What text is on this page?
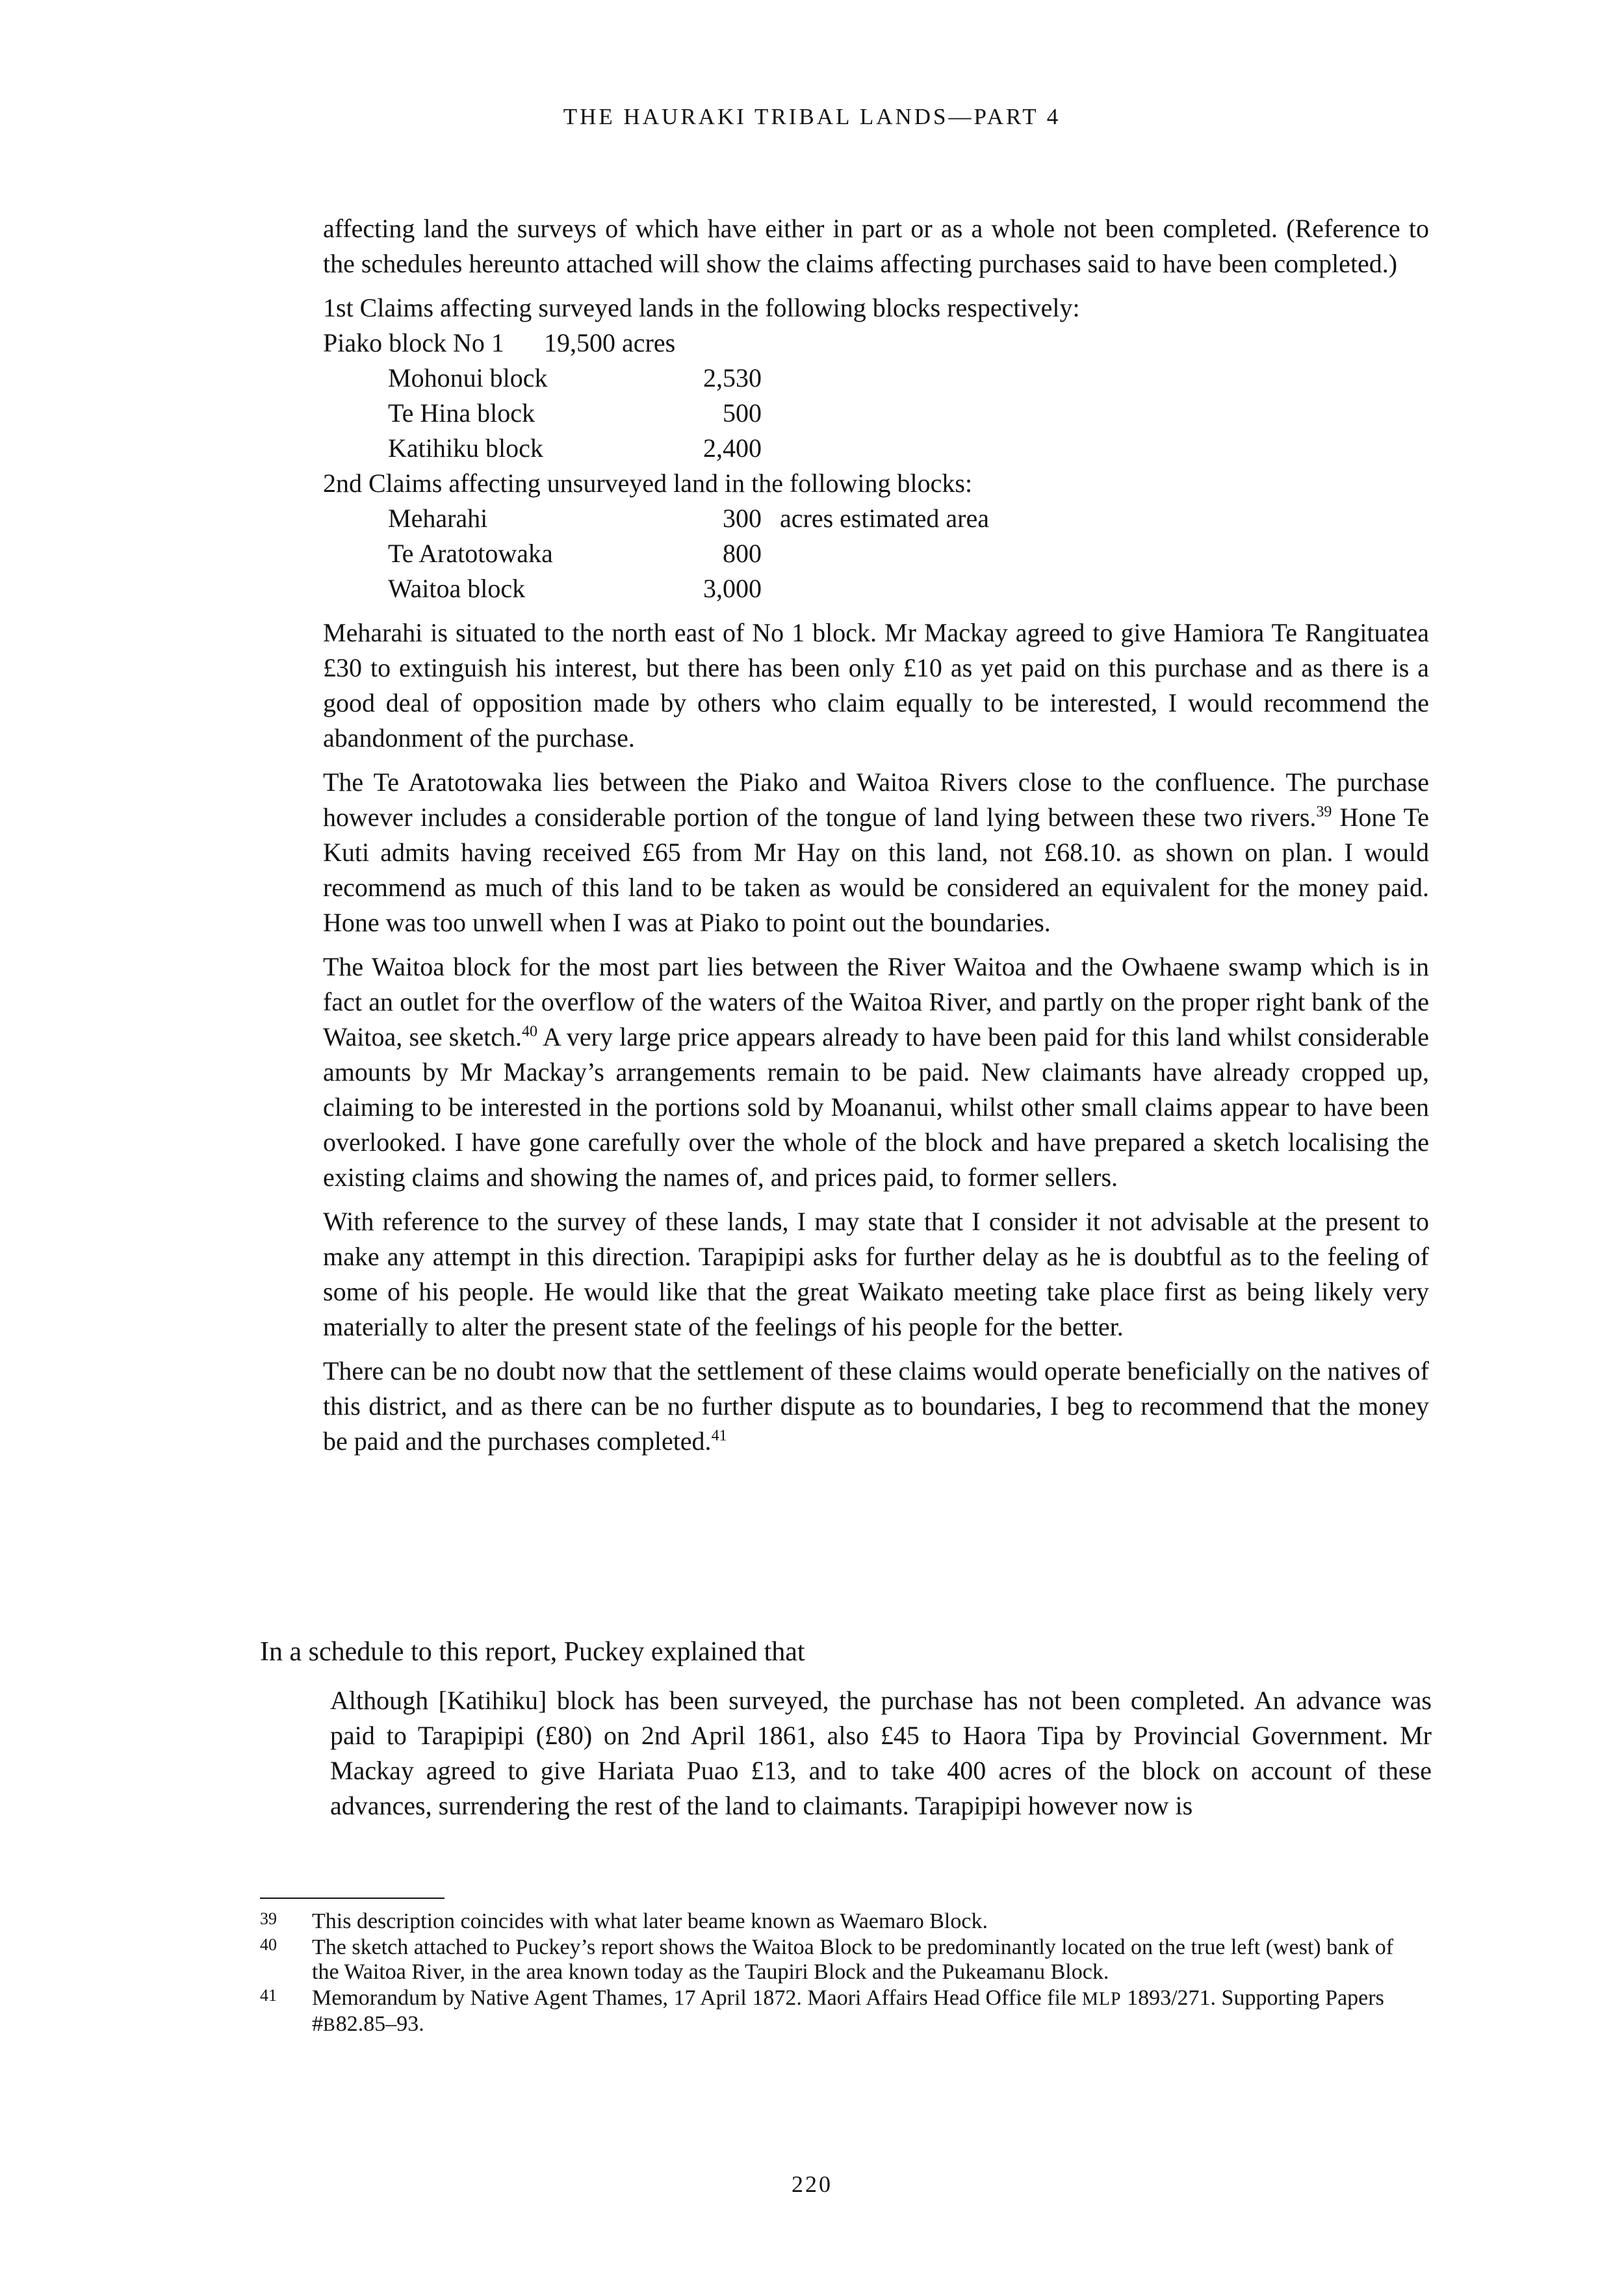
THE HAURAKI TRIBAL LANDS—PART 4

affecting land the surveys of which have either in part or as a whole not been completed. (Reference to the schedules hereunto attached will show the claims affecting purchases said to have been completed.)

1st Claims affecting surveyed lands in the following blocks respectively:
Piako block No 1	19,500 acres
Mohonui block	2,530
Te Hina block	500
Katihiku block	2,400
2nd Claims affecting unsurveyed land in the following blocks:
Meharahi	300 acres estimated area
Te Aratotowaka	800
Waitoa block	3,000

Meharahi is situated to the north east of No 1 block. Mr Mackay agreed to give Hamiora Te Rangituatea £30 to extinguish his interest, but there has been only £10 as yet paid on this purchase and as there is a good deal of opposition made by others who claim equally to be interested, I would recommend the abandonment of the purchase.

The Te Aratotowaka lies between the Piako and Waitoa Rivers close to the confluence. The purchase however includes a considerable portion of the tongue of land lying between these two rivers.$^{39}$ Hone Te Kuti admits having received £65 from Mr Hay on this land, not £68.10. as shown on plan. I would recommend as much of this land to be taken as would be considered an equivalent for the money paid. Hone was too unwell when I was at Piako to point out the boundaries.

The Waitoa block for the most part lies between the River Waitoa and the Owhaene swamp which is in fact an outlet for the overflow of the waters of the Waitoa River, and partly on the proper right bank of the Waitoa, see sketch.$^{40}$ A very large price appears already to have been paid for this land whilst considerable amounts by Mr Mackay’s arrangements remain to be paid. New claimants have already cropped up, claiming to be interested in the portions sold by Moananui, whilst other small claims appear to have been overlooked. I have gone carefully over the whole of the block and have prepared a sketch localising the existing claims and showing the names of, and prices paid, to former sellers.

With reference to the survey of these lands, I may state that I consider it not advisable at the present to make any attempt in this direction. Tarapipipi asks for further delay as he is doubtful as to the feeling of some of his people. He would like that the great Waikato meeting take place first as being likely very materially to alter the present state of the feelings of his people for the better.

There can be no doubt now that the settlement of these claims would operate beneficially on the natives of this district, and as there can be no further dispute as to boundaries, I beg to recommend that the money be paid and the purchases completed.$^{41}$

In a schedule to this report, Puckey explained that
Although [Katihiku] block has been surveyed, the purchase has not been completed. An advance was paid to Tarapipipi (£80) on 2nd April 1861, also £45 to Haora Tipa by Provincial Government. Mr Mackay agreed to give Hariata Puao £13, and to take 400 acres of the block on account of these advances, surrendering the rest of the land to claimants. Tarapipipi however now is
39	This description coincides with what later beame known as Waemaro Block.
40	The sketch attached to Puckey’s report shows the Waitoa Block to be predominantly located on the true left (west) bank of the Waitoa River, in the area known today as the Taupiri Block and the Pukeamanu Block.
41	Memorandum by Native Agent Thames, 17 April 1872. Maori Affairs Head Office file MLP 1893/271. Supporting Papers #B82.85–93.
220
